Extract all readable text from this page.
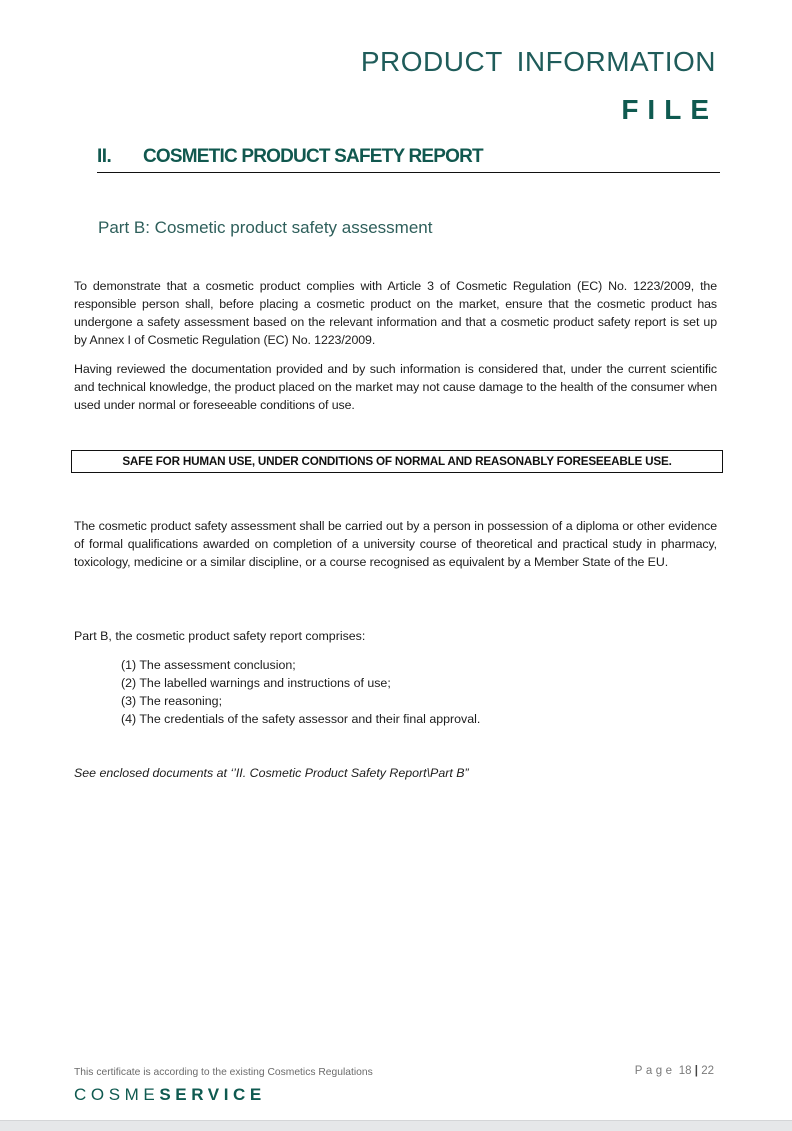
PRODUCT INFORMATION
FILE
II. COSMETIC PRODUCT SAFETY REPORT
Part B: Cosmetic product safety assessment

To demonstrate that a cosmetic product complies with Article 3 of Cosmetic Regulation (EC) No. 1223/2009, the responsible person shall, before placing a cosmetic product on the market, ensure that the cosmetic product has undergone a safety assessment based on the relevant information and that a cosmetic product safety report is set up by Annex I of Cosmetic Regulation (EC) No. 1223/2009.

Having reviewed the documentation provided and by such information is considered that, under the current scientific and technical knowledge, the product placed on the market may not cause damage to the health of the consumer when used under normal or foreseeable conditions of use.

SAFE FOR HUMAN USE, UNDER CONDITIONS OF NORMAL AND REASONABLY FORESEEABLE USE.

The cosmetic product safety assessment shall be carried out by a person in possession of a diploma or other evidence of formal qualifications awarded on completion of a university course of theoretical and practical study in pharmacy, toxicology, medicine or a similar discipline, or a course recognised as equivalent by a Member State of the EU.

Part B, the cosmetic product safety report comprises:
(1) The assessment conclusion;
(2) The labelled warnings and instructions of use;
(3) The reasoning;
(4) The credentials of the safety assessor and their final approval.
See enclosed documents at ‘’II. Cosmetic Product Safety Report\Part B”
This certificate is according to the existing Cosmetics Regulations	Page 18 | 22
COSMESERVICE
